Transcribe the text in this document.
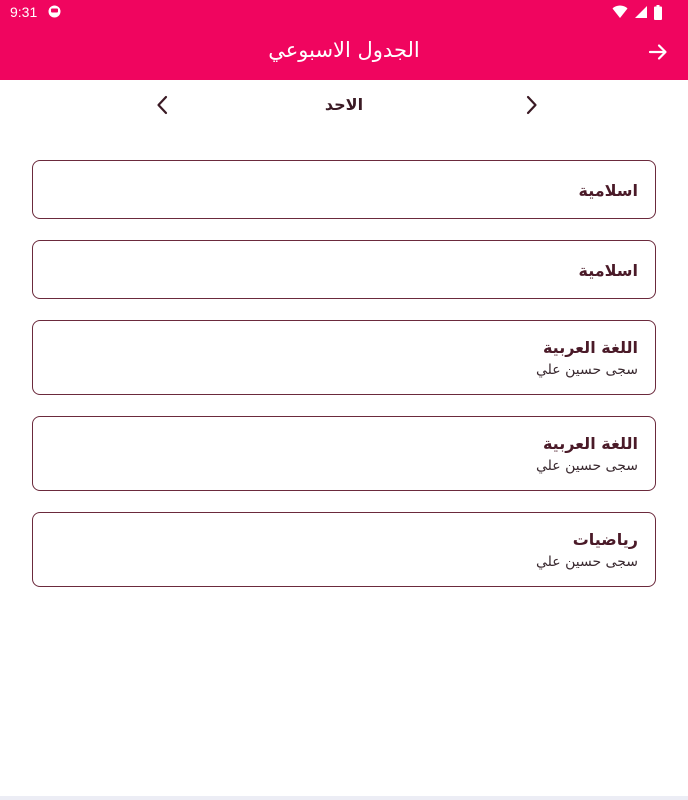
9:31
الجدول الاسبوعي
الاحد
اسلامية
اسلامية
اللغة العربية
سجى حسين علي
اللغة العربية
سجى حسين علي
رياضيات
سجى حسين علي
